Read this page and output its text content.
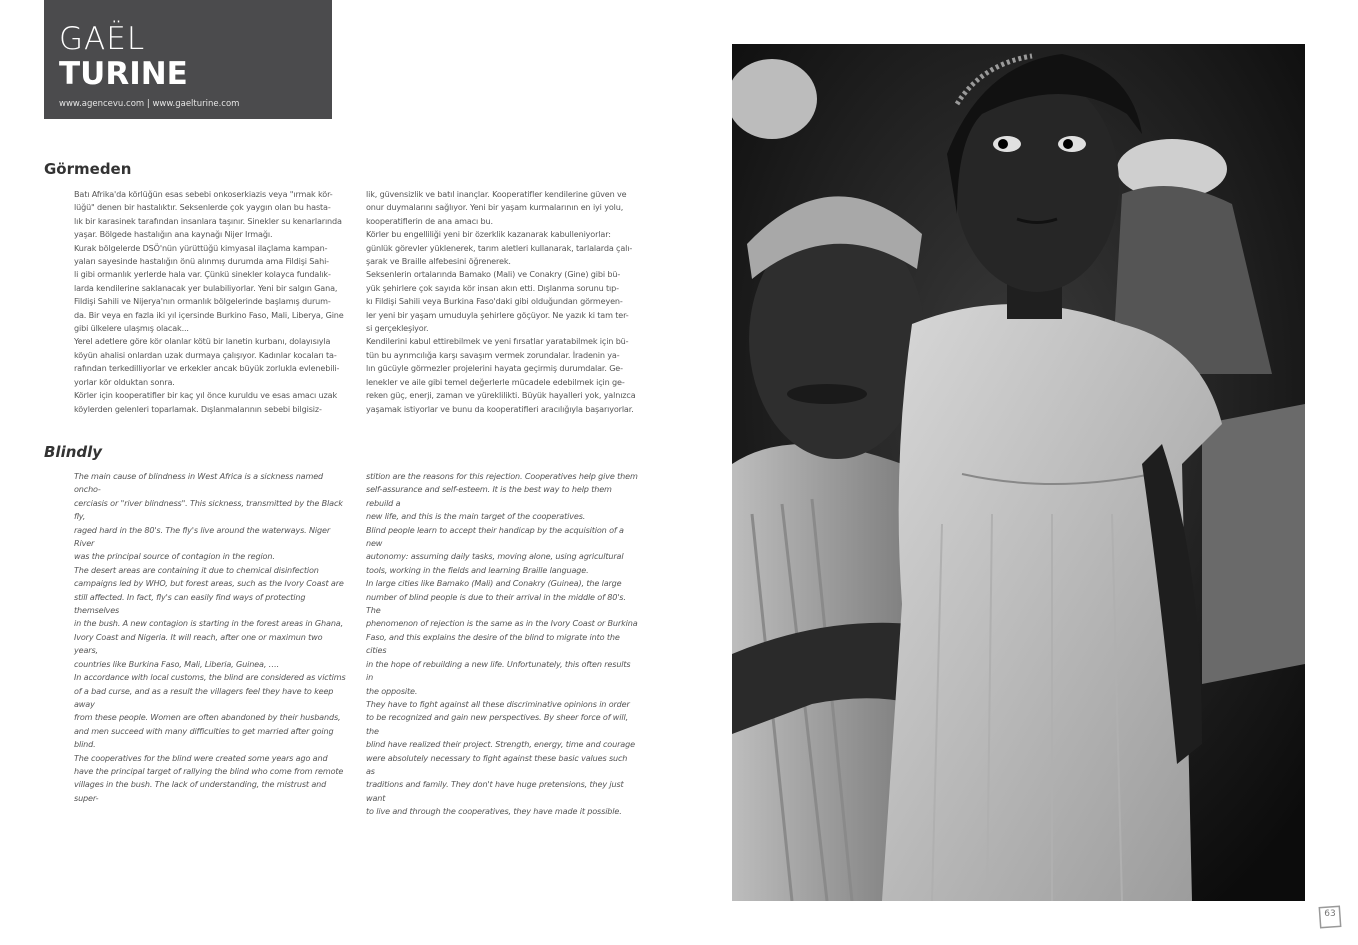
GAËL
TURINE
www.agencevu.com | www.gaelturine.com
Görmeden

Batı Afrika'da körlüğün esas sebebi onkoserkiazis veya "ırmak kör-

lüğü" denen bir hastalıktır. Seksenlerde çok yaygın olan bu hasta-

lık bir karasinek tarafından insanlara taşınır. Sinekler su kenarlarında

yaşar. Bölgede hastalığın ana kaynağı Nijer Irmağı.

Kurak bölgelerde DSÖ'nün yürüttüğü kimyasal ilaçlama kampan-

yaları sayesinde hastalığın önü alınmış durumda ama Fildişi Sahi-

li gibi ormanlık yerlerde hala var. Çünkü sinekler kolayca fundalık-

larda kendilerine saklanacak yer bulabiliyorlar. Yeni bir salgın Gana,

Fildişi Sahili ve Nijerya'nın ormanlık bölgelerinde başlamış durum-

da. Bir veya en fazla iki yıl içersinde Burkino Faso, Mali, Liberya, Gine

gibi ülkelere ulaşmış olacak...

Yerel adetlere göre kör olanlar kötü bir lanetin kurbanı, dolayısıyla

köyün ahalisi onlardan uzak durmaya çalışıyor. Kadınlar kocaları ta-

rafından terkedilliyorlar ve erkekler ancak büyük zorlukla evlenebili-

yorlar kör olduktan sonra.

Körler için kooperatifler bir kaç yıl önce kuruldu ve esas amacı uzak

köylerden gelenleri toparlamak. Dışlanmalarının sebebi bilgisiz-

lik, güvensizlik ve batıl inançlar. Kooperatifler kendilerine güven ve

onur duymalarını sağlıyor. Yeni bir yaşam kurmalarının en iyi yolu,

kooperatiflerin de ana amacı bu.

Körler bu engelliliği yeni bir özerklik kazanarak kabulleniyorlar:

günlük görevler yüklenerek, tarım aletleri kullanarak, tarlalarda çalı-

şarak ve Braille alfebesini öğrenerek.

Seksenlerin ortalarında Bamako (Mali) ve Conakry (Gine) gibi bü-

yük şehirlere çok sayıda kör insan akın etti. Dışlanma sorunu tıp-

kı Fildişi Sahili veya Burkina Faso'daki gibi olduğundan görmeyen-

ler yeni bir yaşam umuduyla şehirlere göçüyor. Ne yazık ki tam ter-

si gerçekleşiyor.

Kendilerini kabul ettirebilmek ve yeni fırsatlar yaratabilmek için bü-

tün bu ayrımcılığa karşı savaşım vermek zorundalar. İradenin ya-

lın gücüyle görmezler projelerini hayata geçirmiş durumdalar. Ge-

lenekler ve aile gibi temel değerlerle mücadele edebilmek için ge-

reken güç, enerji, zaman ve yüreklilikti. Büyük hayalleri yok, yalnızca

yaşamak istiyorlar ve bunu da kooperatifleri aracılığıyla başarıyorlar.

Blindly

The main cause of blindness in West Africa is a sickness named oncho-

cerciasis or "river blindness". This sickness, transmitted by the Black fly,

raged hard in the 80's. The fly's live around the waterways. Niger River

was the principal source of contagion in the region.

The desert areas are containing it due to chemical disinfection

campaigns led by WHO, but forest areas, such as the Ivory Coast are

still affected. In fact, fly's can easily find ways of protecting themselves

in the bush. A new contagion is starting in the forest areas in Ghana,

Ivory Coast and Nigeria. It will reach, after one or maximun two years,

countries like Burkina Faso, Mali, Liberia, Guinea, ….

In accordance with local customs, the blind are considered as victims

of a bad curse, and as a result the villagers feel they have to keep away

from these people. Women are often abandoned by their husbands,

and men succeed with many difficulties to get married after going

blind.

The cooperatives for the blind were created some years ago and

have the principal target of rallying the blind who come from remote

villages in the bush. The lack of understanding, the mistrust and super-

stition are the reasons for this rejection. Cooperatives help give them

self-assurance and self-esteem. It is the best way to help them rebuild a

new life, and this is the main target of the cooperatives.

Blind people learn to accept their handicap by the acquisition of a new

autonomy: assuming daily tasks, moving alone, using agricultural

tools, working in the fields and learning Braille language.

In large cities like Bamako (Mali) and Conakry (Guinea), the large

number of blind people is due to their arrival in the middle of 80's. The

phenomenon of rejection is the same as in the Ivory Coast or Burkina

Faso, and this explains the desire of the blind to migrate into the cities

in the hope of rebuilding a new life. Unfortunately, this often results in

the opposite.

They have to fight against all these discriminative opinions in order

to be recognized and gain new perspectives. By sheer force of will, the

blind have realized their project. Strength, energy, time and courage

were absolutely necessary to fight against these basic values such as

traditions and family. They don't have huge pretensions, they just want

to live and through the cooperatives, they have made it possible.

63
